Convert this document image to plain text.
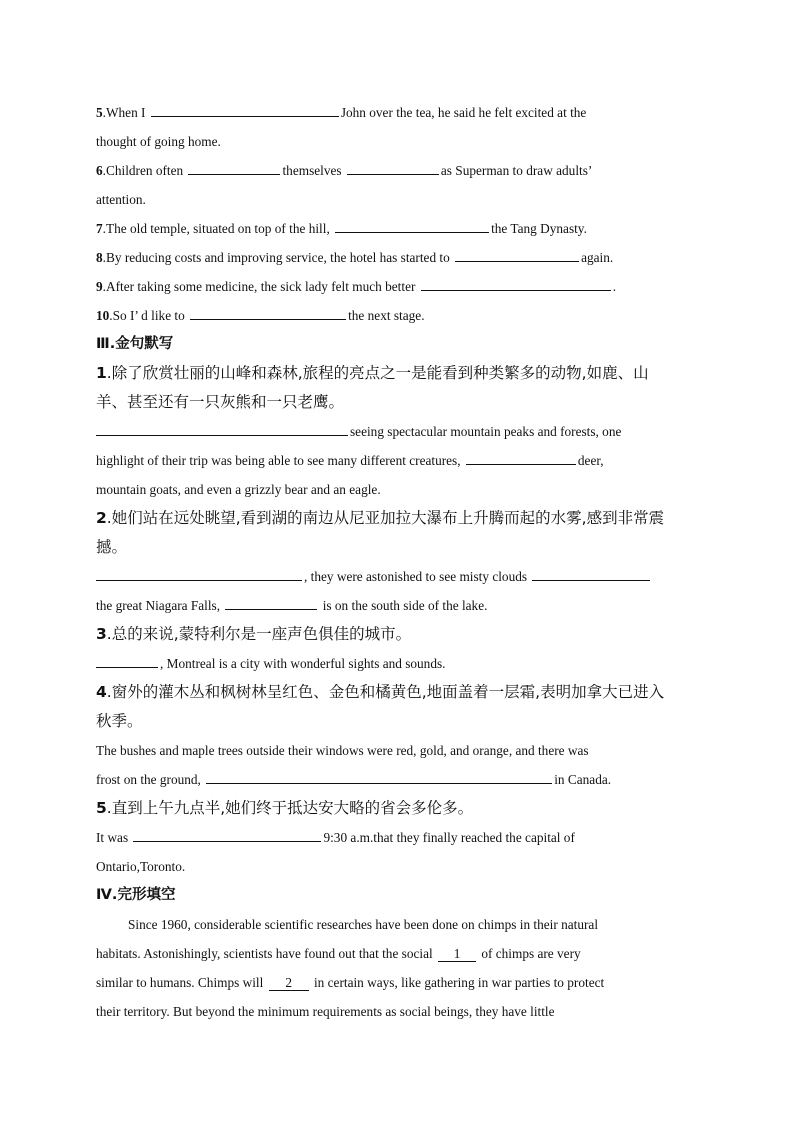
5.When I	John over the tea, he said he felt excited at the
thought of going home.
6.Children often	themselves	as Superman to draw adults’
attention.
7.The old temple, situated on top of the hill,	the Tang Dynasty.
8.By reducing costs and improving service, the hotel has started to	again.
9.After taking some medicine, the sick lady felt much better	.
10.So I’ d like to	the next stage.
Ⅲ.金句默写
1.除了欣赏壮丽的山峰和森林,旅程的亮点之一是能看到种类繁多的动物,如鹿、山
羊、甚至还有一只灰熊和一只老鹰。
seeing spectacular mountain peaks and forests, one
highlight of their trip was being able to see many different creatures,	deer,
mountain goats, and even a grizzly bear and an eagle.
2.她们站在远处眺望,看到湖的南边从尼亚加拉大瀑布上升腾而起的水雾,感到非常震
撼。
, they were astonished to see misty clouds
the great Niagara Falls,	is on the south side of the lake.
3.总的来说,蒙特利尔是一座声色俱佳的城市。
, Montreal is a city with wonderful sights and sounds.
4.窗外的灌木丛和枫树林呈红色、金色和橘黄色,地面盖着一层霜,表明加拿大已进入
秋季。
The bushes and maple trees outside their windows were red, gold, and orange, and there was
frost on the ground,	in Canada.
5.直到上午九点半,她们终于抵达安大略的省会多伦多。
It was	9:30 a.m.that they finally reached the capital of
Ontario,Toronto.
Ⅳ.完形填空
Since 1960, considerable scientific researches have been done on chimps in their natural
habitats. Astonishingly, scientists have found out that the social 1 of chimps are very
similar to humans. Chimps will 2 in certain ways, like gathering in war parties to protect
their territory. But beyond the minimum requirements as social beings, they have little
